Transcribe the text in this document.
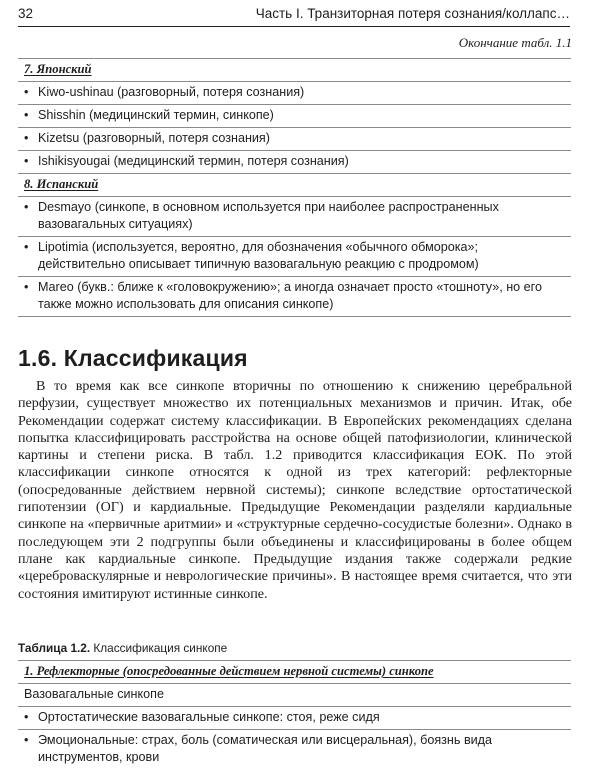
32	Часть I. Транзиторная потеря сознания/коллапс…
Окончание табл. 1.1
7. Японский

• Kiwo-ushinau (разговорный, потеря сознания)

• Shisshin (медицинский термин, синкопе)

• Kizetsu (разговорный, потеря сознания)

• Ishikisyougai (медицинский термин, потеря сознания)

8. Испанский

• Desmayo (синкопе, в основном используется при наиболее распространенных вазовагальных ситуациях)

• Lipotimia (используется, вероятно, для обозначения «обычного обморока»; действительно описывает типичную вазовагальную реакцию с продромом)

• Mareo (букв.: ближе к «головокружению»; а иногда означает просто «тошноту», но его также можно использовать для описания синкопе)
1.6. Классификация

В то время как все синкопе вторичны по отношению к снижению церебральной перфузии, существует множество их потенциальных механизмов и причин. Итак, обе Рекомендации содержат систему классификации. В Европейских рекомендациях сделана попытка классифицировать расстройства на основе общей патофизиологии, клинической картины и степени риска. В табл. 1.2 приводится классификация ЕОК. По этой классификации синкопе относятся к одной из трех категорий: рефлекторные (опосредованные действием нервной системы); синкопе вследствие ортостатической гипотензии (ОГ) и кардиальные. Предыдущие Рекомендации разделяли кардиальные синкопе на «первичные аритмии» и «структурные сердечно-сосудистые болезни». Однако в последующем эти 2 подгруппы были объединены и классифицированы в более общем плане как кардиальные синкопе. Предыдущие издания также содержали редкие «цереброваскулярные и неврологические причины». В настоящее время считается, что эти состояния имитируют истинные синкопе.

Таблица 1.2. Классификация синкопе
1. Рефлекторные (опосредованные действием нервной системы) синкопе
Вазовагальные синкопе

• Ортостатические вазовагальные синкопе: стоя, реже сидя

• Эмоциональные: страх, боль (соматическая или висцеральная), боязнь вида инструментов, крови
